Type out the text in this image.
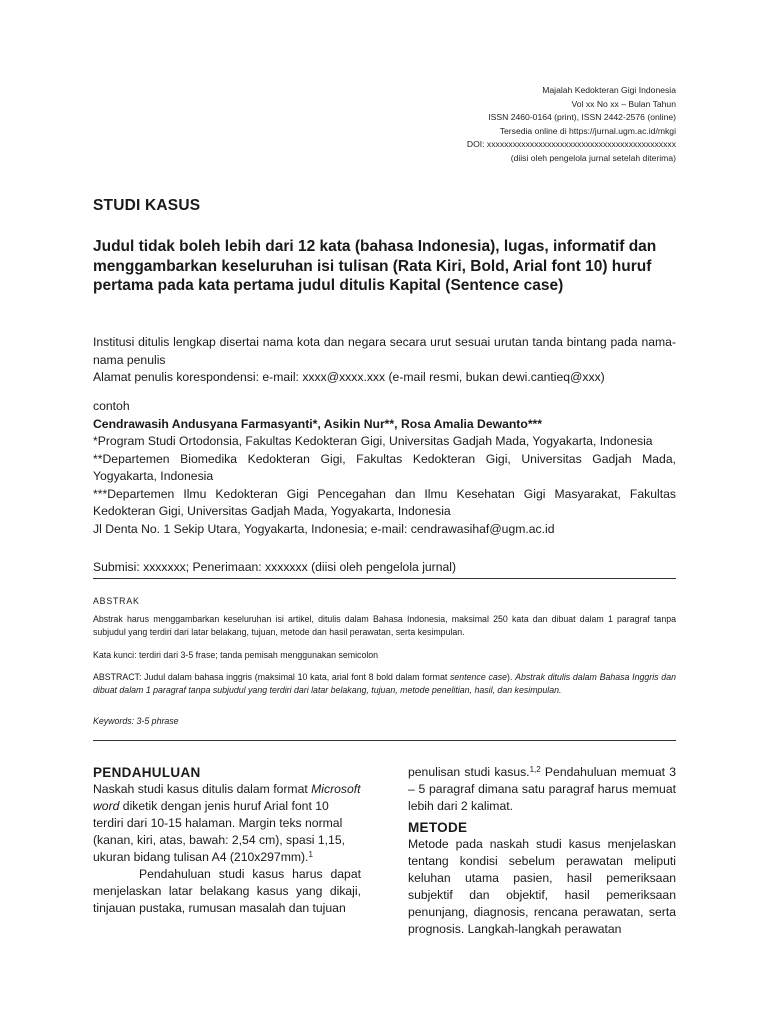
Majalah Kedokteran Gigi Indonesia
Vol xx No xx – Bulan Tahun
ISSN 2460-0164 (print), ISSN 2442-2576 (online)
Tersedia online di https://jurnal.ugm.ac.id/mkgi
DOI: xxxxxxxxxxxxxxxxxxxxxxxxxxxxxxxxxxxxxxxxxxxx
(diisi oleh pengelola jurnal setelah diterima)
STUDI KASUS
Judul tidak boleh lebih dari 12 kata (bahasa Indonesia), lugas, informatif dan menggambarkan keseluruhan isi tulisan (Rata Kiri, Bold, Arial font 10) huruf pertama pada kata pertama judul ditulis Kapital (Sentence case)
Institusi ditulis lengkap disertai nama kota dan negara secara urut sesuai urutan tanda bintang pada nama-nama penulis
Alamat penulis korespondensi: e-mail: xxxx@xxxx.xxx (e-mail resmi, bukan dewi.cantieq@xxx)
contoh
Cendrawasih Andusyana Farmasyanti*, Asikin Nur**, Rosa Amalia Dewanto***
*Program Studi Ortodonsia, Fakultas Kedokteran Gigi, Universitas Gadjah Mada, Yogyakarta, Indonesia
**Departemen Biomedika Kedokteran Gigi, Fakultas Kedokteran Gigi, Universitas Gadjah Mada, Yogyakarta, Indonesia
***Departemen Ilmu Kedokteran Gigi Pencegahan dan Ilmu Kesehatan Gigi Masyarakat, Fakultas Kedokteran Gigi, Universitas Gadjah Mada, Yogyakarta, Indonesia
Jl Denta No. 1 Sekip Utara, Yogyakarta, Indonesia; e-mail: cendrawasihaf@ugm.ac.id
Submisi: xxxxxxx; Penerimaan: xxxxxxx (diisi oleh pengelola jurnal)
ABSTRAK
Abstrak harus menggambarkan keseluruhan isi artikel, ditulis dalam Bahasa Indonesia, maksimal 250 kata dan dibuat dalam 1 paragraf tanpa subjudul yang terdiri dari latar belakang, tujuan, metode dan hasil perawatan, serta kesimpulan.
Kata kunci: terdiri dari 3-5 frase; tanda pemisah menggunakan semicolon
ABSTRACT: Judul dalam bahasa inggris (maksimal 10 kata, arial font 8 bold dalam format sentence case). Abstrak ditulis dalam Bahasa Inggris dan dibuat dalam 1 paragraf tanpa subjudul yang terdiri dari latar belakang, tujuan, metode penelitian, hasil, dan kesimpulan.
Keywords: 3-5 phrase
PENDAHULUAN
Naskah studi kasus ditulis dalam format Microsoft word diketik dengan jenis huruf Arial font 10 terdiri dari 10-15 halaman. Margin teks normal (kanan, kiri, atas, bawah: 2,54 cm), spasi 1,15, ukuran bidang tulisan A4 (210x297mm).$^1$
Pendahuluan studi kasus harus dapat menjelaskan latar belakang kasus yang dikaji, tinjauan pustaka, rumusan masalah dan tujuan
penulisan studi kasus.$^{1,2}$ Pendahuluan memuat 3 – 5 paragraf dimana satu paragraf harus memuat lebih dari 2 kalimat.
METODE
Metode pada naskah studi kasus menjelaskan tentang kondisi sebelum perawatan meliputi keluhan utama pasien, hasil pemeriksaan subjektif dan objektif, hasil pemeriksaan penunjang, diagnosis, rencana perawatan, serta prognosis. Langkah-langkah perawatan
